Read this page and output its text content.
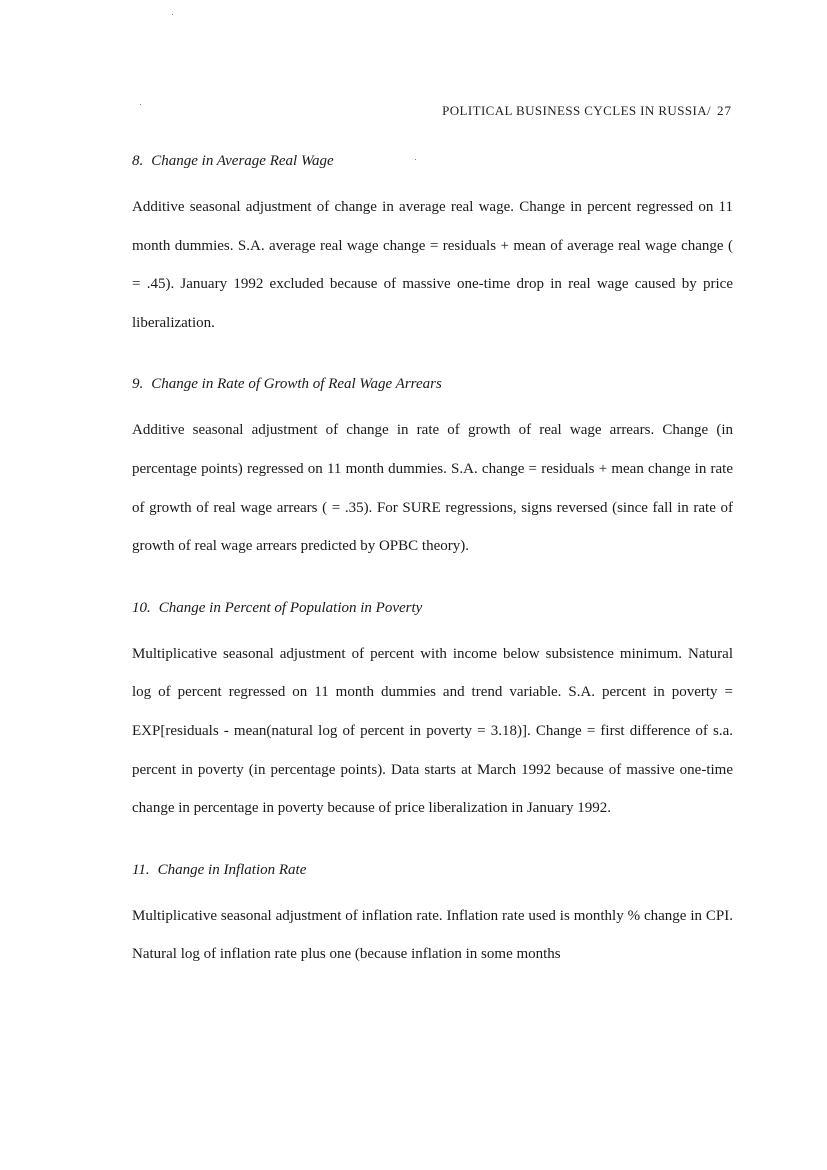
POLITICAL BUSINESS CYCLES IN RUSSIA/ 27
8. Change in Average Real Wage

Additive seasonal adjustment of change in average real wage. Change in percent regressed on 11 month dummies. S.A. average real wage change = residuals + mean of average real wage change ( = .45). January 1992 excluded because of massive one-time drop in real wage caused by price liberalization.

9. Change in Rate of Growth of Real Wage Arrears

Additive seasonal adjustment of change in rate of growth of real wage arrears. Change (in percentage points) regressed on 11 month dummies. S.A. change = residuals + mean change in rate of growth of real wage arrears ( = .35). For SURE regressions, signs reversed (since fall in rate of growth of real wage arrears predicted by OPBC theory).

10. Change in Percent of Population in Poverty

Multiplicative seasonal adjustment of percent with income below subsistence minimum. Natural log of percent regressed on 11 month dummies and trend variable. S.A. percent in poverty = EXP[residuals - mean(natural log of percent in poverty = 3.18)]. Change = first difference of s.a. percent in poverty (in percentage points). Data starts at March 1992 because of massive one-time change in percentage in poverty because of price liberalization in January 1992.

11. Change in Inflation Rate

Multiplicative seasonal adjustment of inflation rate. Inflation rate used is monthly % change in CPI. Natural log of inflation rate plus one (because inflation in some months
